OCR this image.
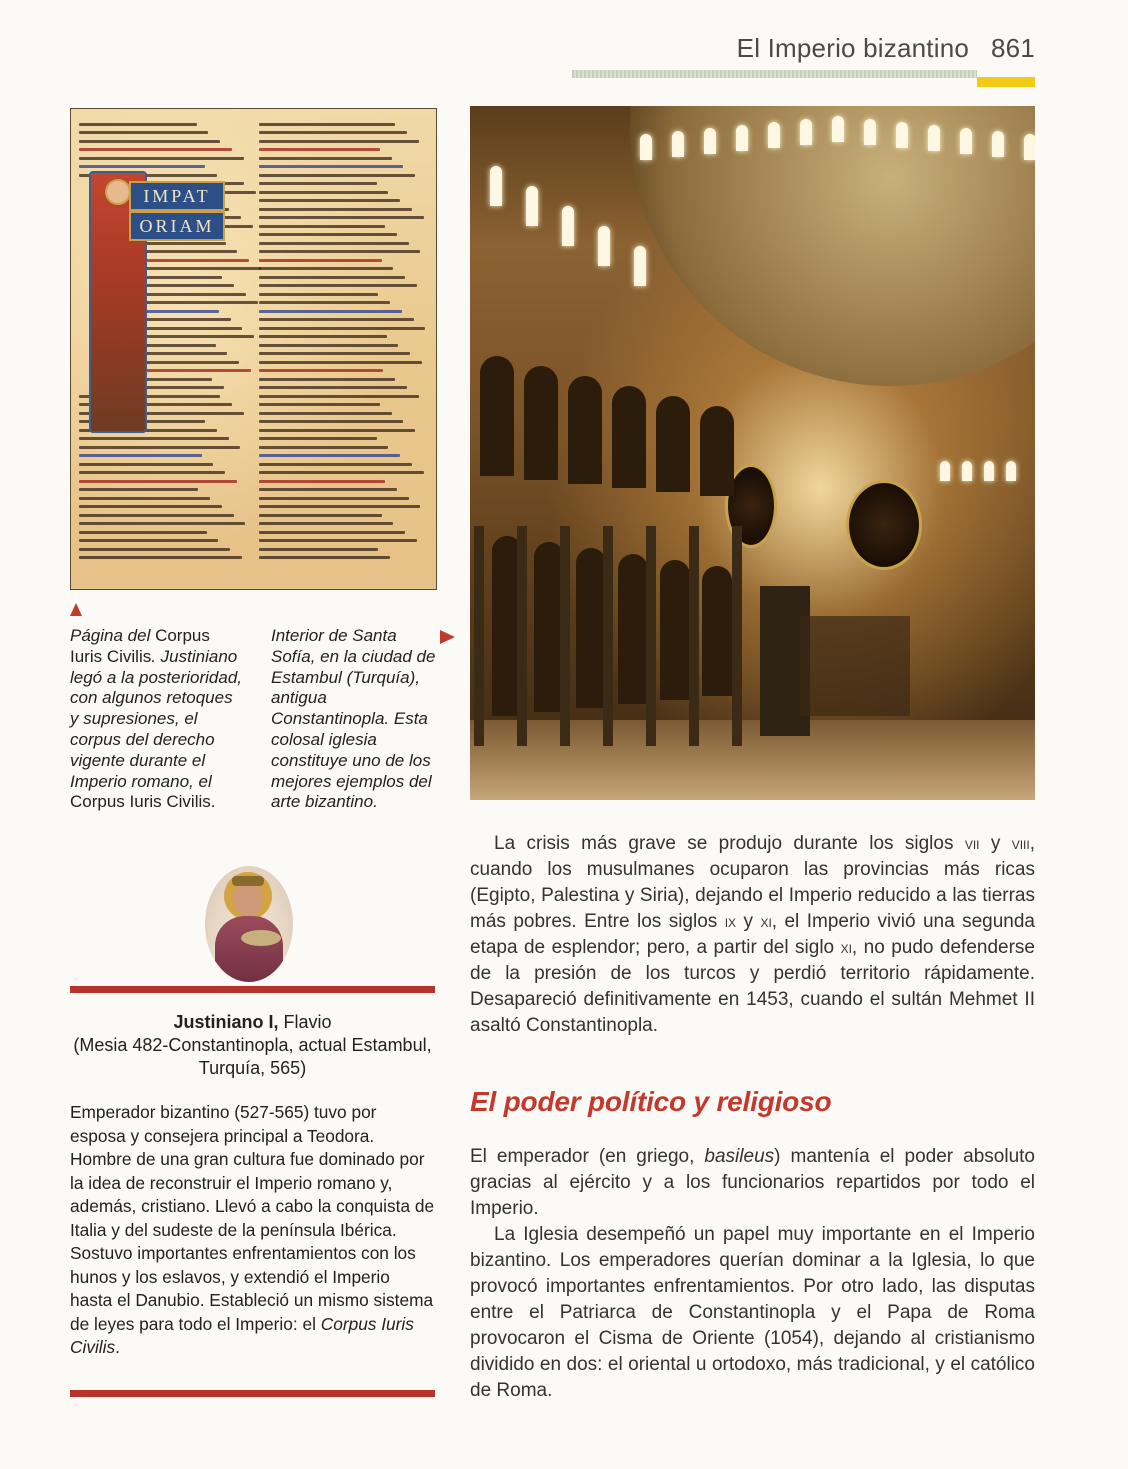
El Imperio bizantino 861
IMPAT
ORIAM
Página del Corpus Iuris Civilis. Justiniano legó a la posterioridad, con algunos retoques y supresiones, el corpus del derecho vigente durante el Imperio romano, el Corpus Iuris Civilis.
Interior de Santa Sofía, en la ciudad de Estambul (Turquía), antigua Constantinopla. Esta colosal iglesia constituye uno de los mejores ejemplos del arte bizantino.
Justiniano I, Flavio
(Mesia 482-Constantinopla, actual Estambul, Turquía, 565)
Emperador bizantino (527-565) tuvo por esposa y consejera principal a Teodora. Hombre de una gran cultura fue dominado por la idea de reconstruir el Imperio romano y, además, cristiano. Llevó a cabo la conquista de Italia y del sudeste de la península Ibérica. Sostuvo importantes enfrentamientos con los hunos y los eslavos, y extendió el Imperio hasta el Danubio. Estableció un mismo sistema de leyes para todo el Imperio: el Corpus Iuris Civilis.

La crisis más grave se produjo durante los siglos vii y viii, cuando los musulmanes ocuparon las provincias más ricas (Egipto, Palestina y Siria), dejando el Imperio reducido a las tierras más pobres. Entre los siglos ix y xi, el Imperio vivió una segunda etapa de esplendor; pero, a partir del siglo xi, no pudo defenderse de la presión de los turcos y perdió territorio rápidamente. Desapareció definitivamente en 1453, cuando el sultán Mehmet II asaltó Constantinopla.

El poder político y religioso

El emperador (en griego, basileus) mantenía el poder absoluto gracias al ejército y a los funcionarios repartidos por todo el Imperio.

La Iglesia desempeñó un papel muy importante en el Imperio bizantino. Los emperadores querían dominar a la Iglesia, lo que provocó importantes enfrentamientos. Por otro lado, las disputas entre el Patriarca de Constantinopla y el Papa de Roma provocaron el Cisma de Oriente (1054), dejando al cristianismo dividido en dos: el oriental u ortodoxo, más tradicional, y el católico de Roma.
